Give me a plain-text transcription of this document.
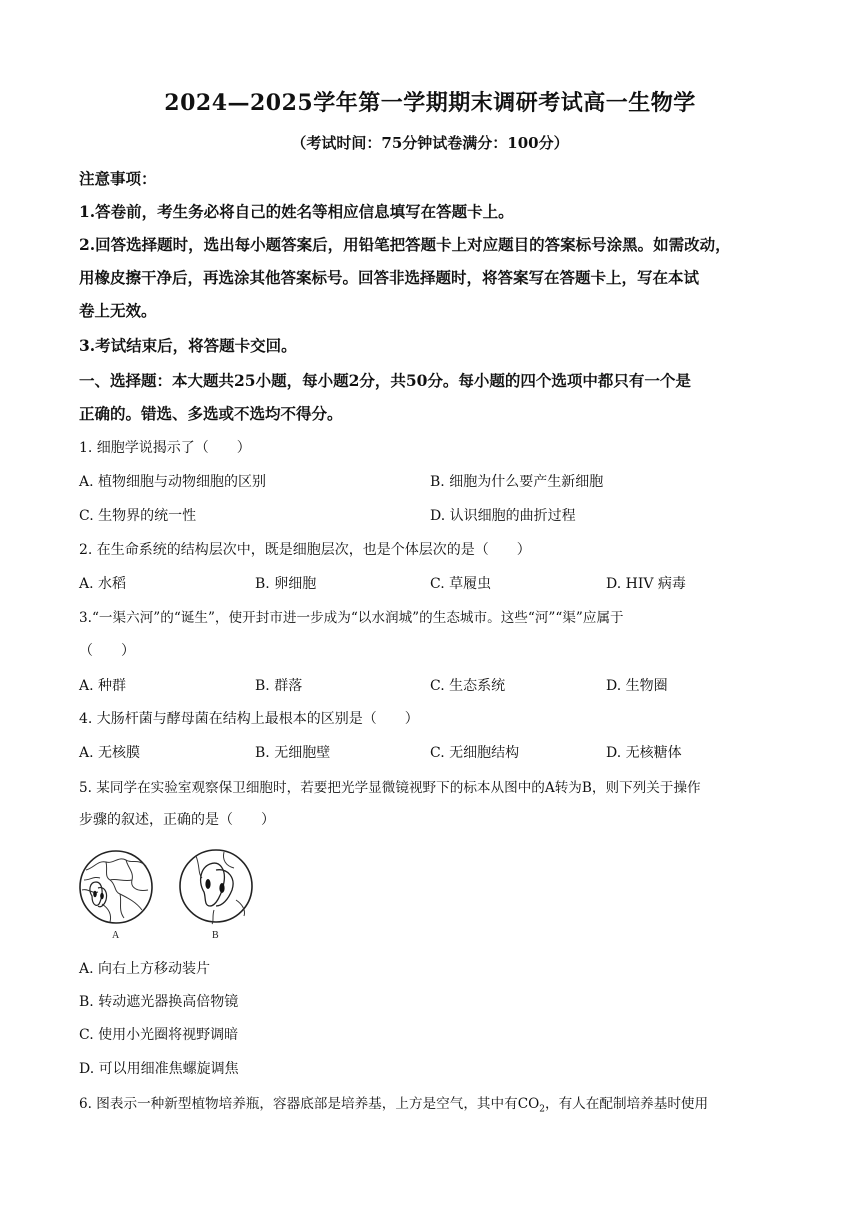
2024—2025学年第一学期期末调研考试高一生物学
（考试时间：75分钟试卷满分：100分）
注意事项：
1.答卷前，考生务必将自己的姓名等相应信息填写在答题卡上。
2.回答选择题时，选出每小题答案后，用铅笔把答题卡上对应题目的答案标号涂黑。如需改动，
用橡皮擦干净后，再选涂其他答案标号。回答非选择题时，将答案写在答题卡上，写在本试
卷上无效。
3.考试结束后，将答题卡交回。
一、选择题：本大题共25小题，每小题2分，共50分。每小题的四个选项中都只有一个是
正确的。错选、多选或不选均不得分。
1. 细胞学说揭示了（　　）
A. 植物细胞与动物细胞的区别	B. 细胞为什么要产生新细胞
C. 生物界的统一性	D. 认识细胞的曲折过程
2. 在生命系统的结构层次中，既是细胞层次，也是个体层次的是（　　）
A. 水稻	B. 卵细胞	C. 草履虫	D. HIV 病毒
3.“一渠六河”的“诞生”，使开封市进一步成为“以水润城”的生态城市。这些“河”“渠”应属于
（　　）
A. 种群	B. 群落	C. 生态系统	D. 生物圈
4. 大肠杆菌与酵母菌在结构上最根本的区别是（　　）
A. 无核膜	B. 无细胞壁	C. 无细胞结构	D. 无核糖体
5. 某同学在实验室观察保卫细胞时，若要把光学显微镜视野下的标本从图中的A转为B，则下列关于操作
步骤的叙述，正确的是（　　）
A	B
A. 向右上方移动装片
B. 转动遮光器换高倍物镜
C. 使用小光圈将视野调暗
D. 可以用细准焦螺旋调焦
6. 图表示一种新型植物培养瓶，容器底部是培养基，上方是空气，其中有$CO_2$，有人在配制培养基时使用
